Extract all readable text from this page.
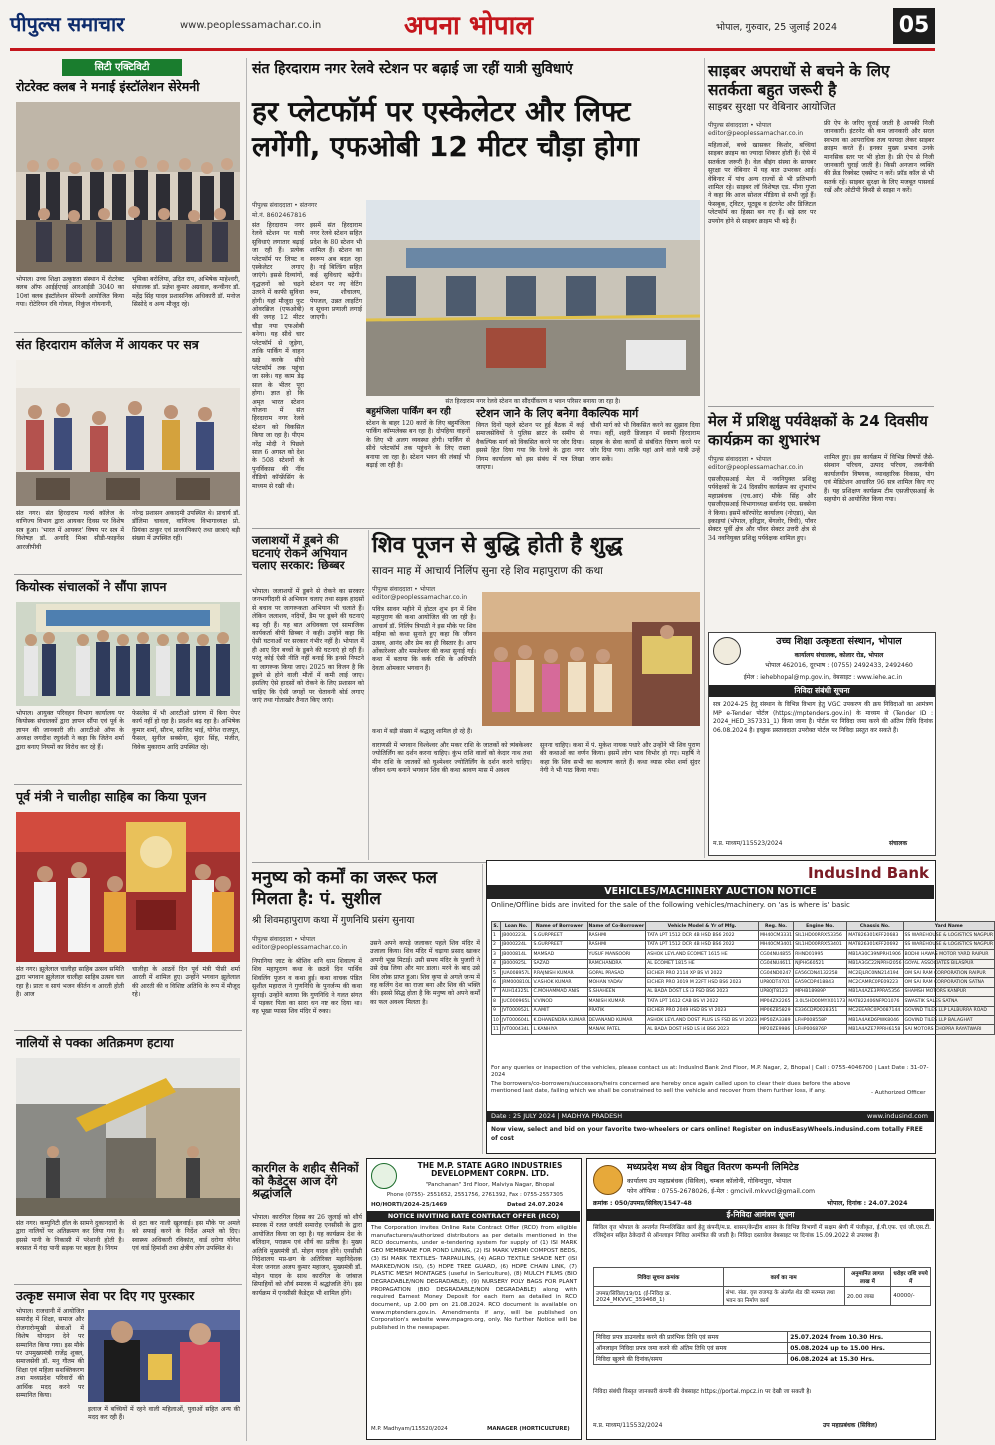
पीपुल्स समाचार	www.peoplessamachar.co.in	अपना भोपाल	भोपाल, गुरुवार, 25 जुलाई 2024	05
सिटी एक्टिविटी
रोटरेक्ट क्लब ने मनाई इंस्टॉलेशन सेरेमनी
भोपाल। उच्च शिक्षा उत्कृष्टता संस्थान में रोटरेक्ट क्लब ऑफ आईईएचई आरआईडी 3040 का 10वां क्लब इंस्टॉलेशन सेरेमनी आयोजित किया गया। रोटेरियन रवि गोयल, निकुंज गोयनानी,
भूमिका बरोलिया, उदित राय, अभिषेक माहेश्वरी, संचालक डॉ. प्रज्ञेश कुमार अग्रवाल, कन्वीनर डॉ. महेंद्र सिंह यादव प्रशासनिक अधिकारी डॉ. मनोज सिसोदे व अन्य मौजूद रहे।
संत हिरदाराम कॉलेज में आयकर पर सत्र
संत नगर। संत हिरदाराम गर्ल्स कॉलेज के वाणिज्य विभाग द्वारा आयकर दिवस पर विशेष सत्र हुआ। 'भारत में आयकर' विषय पर सत्र में विशेषज्ञ डॉ. अनादि मिश्रा सीडी-फाइनेंस आरजीपीवी
नरेन्द्र प्रशासन अकादमी उपस्थित थे। प्राचार्य डॉ. डॉलिमा चावला, वाणिज्य विभागाध्यक्ष प्रो. प्रियंका ठाकुर एवं प्राध्यापिकाएं तथा छात्राएं बड़ी संख्या में उपस्थित रहीं।
कियोस्क संचालकों ने सौंपा ज्ञापन
भोपाल। आयुक्त परिवहन विभाग कार्यालय पर कियोस्क संचालकों द्वारा ज्ञापन सौंपा एवं पूर्व के ज्ञापन की जानकारी ली। आरटीओ ऑफ के अध्यक्ष जगदीश रघुवंशी ने कहा कि जितेन शर्मा द्वारा बनाए नियमों का विरोध कर रहे हैं।
फेसलेस में भी आरटीओ प्रांगण में बिना पेपर कार्य नहीं हो रहा है। प्रदर्शन बढ़ रहा है। अभिषेक कुमार शर्मा, सौरभ, साजिद भाई, योगेश राजपूत, फैसल, सुनील सक्सेना, सुंदर सिंह, मंजीत, विवेक मुकाराम आदि उपस्थित रहे।
पूर्व मंत्री ने चालीहा साहिब का किया पूजन
संत नगर। झूलेलाल चालीहा साहिब उत्सव समिति द्वारा भगवान झूलेलाल चालीहा साहिब उत्सव चल रहा है। प्रातः व सायं भजन कीर्तन व आरती होती है। आज
चालीहा के आठवें दिन पूर्व मंत्री पीसी शर्मा आरती में शामिल हुए। उन्होंने भगवान झूलेलाल की आरती की व विशिष्ट अतिथि के रूप में मौजूद रहे।
नालियों से पक्का अतिक्रमण हटाया
संत नगर। कम्युनिटी हॉल के सामने दुकानदारों के द्वारा नालियों पर अतिक्रमण कर लिया गया है। इससे पानी के निकासी में परेशानी होती है। बरसात में गंदा पानी सड़क पर बहता है। निगम
से हटा कर नाली खुलवाई। इस मौके पर अमले को सफाई करने के निर्देश अमले को दिए। स्वास्थ्य अधिकारी रविकांत, वार्ड दरोगा योगेश एवं वार्ड हिमांशी तथा क्षेत्रीय लोग उपस्थित थे।
उत्कृष्ट समाज सेवा पर दिए गए पुरस्कार
भोपाल। राजधानी में आयोजित समारोह में शिक्षा, समाज और रोजगारोन्मुखी सेवाओं में विशेष योगदान देने पर सम्मानित किया गया। इस मौके पर उपमुख्यमंत्री राजेंद्र शुक्ल, समाजसेवी डॉ. मनु गौतम की शिक्षा एवं महिला सशक्तिकरण तथा मध्यप्रदेश परिवारों की आर्थिक मदद करने पर सम्मानित किया।
इलाज में बच्चियों में रहने वाली महिलाओं, युवाओं सहित अन्य की मदद कर रही हैं।
संत हिरदाराम नगर रेलवे स्टेशन पर बढ़ाई जा रहीं यात्री सुविधाएं
हर प्लेटफॉर्म पर एस्केलेटर और लिफ्ट लगेंगी, एफओबी 12 मीटर चौड़ा होगा
पीपुल्स संवाददाता • संतनगर
मो.नं. 8602467816
संत हिरदाराम नगर रेलवे स्टेशन पर यात्री सुविधाएं लगातार बढ़ाई जा रही हैं। प्रत्येक प्लेटफॉर्म पर लिफ्ट व एस्केलेटर लगाए जाएंगे। इससे दिव्यांगों, वृद्धजनों को चढ़ने उतरने में काफी सुविधा होगी। यहां मौजूदा फुट ओवरब्रिज (एफओबी) की जगह 12 मीटर चौड़ा नया एफओबी बनेगा। यह सीधे चार प्लेटफॉर्म से जुड़ेगा, ताकि पार्किंग में वाहन खड़े करके सीधे प्लेटफॉर्म तक पहुंचा जा सके। यह काम डेढ़ साल के भीतर पूरा होगा। ज्ञात हो कि अमृत भारत स्टेशन योजना में संत हिरदाराम नगर रेलवे स्टेशन को विकसित किया जा रहा है। पीएम नरेंद्र मोदी ने पिछले साल 6 अगस्त को देश के 508 स्टेशनों के पुनर्विकास की नींव वीडियो कॉन्फ्रेंसिंग के माध्यम से रखी थी।
इसमें संत हिरदाराम नगर रेलवे स्टेशन सहित प्रदेश के 80 स्टेशन भी शामिल हैं। स्टेशन का स्वरूप अब बदल रहा है। नई बिल्डिंग सहित कई सुविधाएं बढ़ेंगी। स्टेशन पर नए वेटिंग रूम, शौचालय, पेयजल, उन्नत लाइटिंग व सूचना प्रणाली लगाई जाएगी।
संत हिरदाराम नगर रेलवे स्टेशन का सौंदर्यीकरण व भवन परिसर बनाया जा रहा है।
बहुमंजिला पार्किंग बन रही
स्टेशन के बाहर 120 कारों के लिए बहुमंजिला पार्किंग कॉम्पलेक्स बन रहा है। दोपहिया वाहनों के लिए भी अलग व्यवस्था होगी। पार्किंग से सीधे प्लेटफॉर्म तक पहुंचने के लिए रास्ता बनाया जा रहा है। स्टेशन भवन की लंबाई भी बढ़ाई जा रही है।
स्टेशन जाने के लिए बनेगा वैकल्पिक मार्ग
विगत दिनों पहले स्टेशन पर हुई बैठक में कई समाजसेवियों ने पुलिस ब्राटर के समीप से वैकल्पिक मार्ग को विकसित करने पर जोर दिया। इससे हित दिया गया कि रेलवे के द्वारा नगर निगम कार्यालय को इस संबंध में पत्र लिखा जाएगा।
चौथी मार्ग को भी विकसित करने का सुझाव दिया गया। वहीं, शहरी डिजाइन में स्वामी हिरदाराम साहब के सेवा कार्यों से संबंधित चित्रण करने पर जोर दिया गया। ताकि यहां आने वाले यात्री उन्हें जान सकें।
जलाशयों में डूबने की घटनाएं रोकने अभियान चलाए सरकार: छिब्बर
भोपाल। जलाशयों में डूबने से रोकने का सरकार जनभागीदारी से अभियान चलाए तथा सड़क हादसों से बचाव पर जागरूकता अभियान भी चलाते हैं। लेकिन जलाशय, नदियों, डैम पर डूबने की घटनाएं बढ़ रही हैं। यह बात अधिवक्ता एवं सामाजिक कार्यकर्ता बीपी छिब्बर ने कही। उन्होंने कहा कि ऐसी घटनाओं पर सरकार गंभीर नहीं है। भोपाल में ही आए दिन बच्चों के डूबने की घटनाएं हो रही हैं। परंतु कोई ऐसी नीति नहीं बनाई कि इनसे निपटने या जागरूक किया जाए। 2025 का विजन है कि डूबने से होने वाली मौतों में कमी लाई जाए। इसलिए ऐसे हादसों को रोकने के लिए प्रशासन को चाहिए कि ऐसी जगहों पर चेतावनी बोर्ड लगाए जाएं तथा गोताखोर तैनात किए जाएं।
शिव पूजन से बुद्धि होती है शुद्ध
सावन माह में आचार्य निलिंप सुना रहे शिव महापुराण की कथा
पीपुल्स संवाददाता • भोपाल
editor@peoplessamachar.co.in
पवित्र सावन महीने में होटल शुभ इन में शिव महापुराण की कथा आयोजित की जा रही है। आचार्य डॉ. निलिंप त्रिपाठी ने इस मौके पर शिव महिमा को कथा सुनाते हुए कहा कि जीवन उत्सव, आनंद और प्रेम का ही विस्तार है। आप ओंकारेश्वर और ममलेश्वर की कथा सुनाई गई। कथा में बताया कि कर्क राशि के अधिपति देवता ओमकार भगवान हैं।
कथा में बड़ी संख्या में श्रद्धालु शामिल हो रहे हैं।
वाराणसी में भगवान विश्वेश्वर और मकर राशि के जातकों को त्र्यंबकेश्वर ज्योतिर्लिंग का दर्शन करना चाहिए। कुंभ राशि वालों को केदार नाथ तथा मीन राशि के जातकों को घुश्मेश्वर ज्योतिर्लिंग के दर्शन करने चाहिए। जीवन धन्य बनाने भगवान शिव की कथा श्रावण मास में अवश्य
सुनना चाहिए। कथा में पं. मुकेश नायक पधारे और उन्होंने भी शिव पुराण की कथाओं का वर्णन किया। इसमें लोग भाव विभोर हो गए। महर्षि ने कहा कि शिव सभी का कल्याण करते हैं। कथा व्यास रमेश शर्मा सुंदर नेगी ने भी पाठ किया गया।
मनुष्य को कर्मों का जरूर फल मिलता है: पं. सुशील
श्री शिवमहापुराण कथा में गुणनिधि प्रसंग सुनाया
पीपुल्स संवाददाता • भोपाल
editor@peoplessamachar.co.in
निपानिया जाट के श्रीशिव शनि धाम शिवाल्य में शिव महापुराण कथा के छठवें दिन पार्थिव शिवलिंग पूजन व कथा हुई। कथा वाचक पंडित सुशील महाराज ने गुणनिधि के पुनर्जन्म की कथा सुनाई। उन्होंने बताया कि गुणनिधि ने गलत संगत में पड़कर पिता का सारा धन नष्ट कर दिया था। वह भूखा प्यासा शिव मंदिर में रुका।
उसने अपने कपड़े जलाकर पहले शिव मंदिर में उजाला किया। शिव मंदिर में चढ़ाया प्रसाद खाकर अपनी भूख मिटाई। उसी समय मंदिर के पुजारी ने उसे देख लिया और मार डाला। मरने के बाद उसे शिव लोक प्राप्त हुआ। शिव कृपा से अगले जन्म में वह कलिंग देश का राजा बना और शिव की भक्ति की। इससे सिद्ध होता है कि मनुष्य को अपने कर्मों का फल अवश्य मिलता है।
कारगिल के शहीद सैनिकों को कैडेट्स आज देंगे श्रद्धांजलि
भोपाल। कारगिल दिवस का 26 जुलाई को शौर्य स्मारक में रजत जयंती समारोह एनसीसी के द्वारा आयोजित किया जा रहा है। यह कार्यक्रम देश के बलिदान, पराक्रम एवं शौर्य का प्रतीक है। मुख्य अतिथि मुख्यमंत्री डॉ. मोहन यादव होंगे। एनसीसी निदेशालय मप्र-छग के अतिरिक्त महानिदेशक मेजर जनरल अजय कुमार महाजन, मुख्यमंत्री डॉ. मोहन यादव के साथ कारगिल के जांबाज सिपाहियों को शौर्य स्मारक में श्रद्धांजलि देंगे। इस कार्यक्रम में एनसीसी कैडेट्स भी शामिल होंगे।
THE M.P. STATE AGRO INDUSTRIES DEVELOPMENT CORPN. LTD.
"Panchanan" 3rd Floor, Malviya Nagar, Bhopal
Phone (0755)- 2551652, 2551756, 2761392, Fax : 0755-2557305
HO/HORTI/2024-25/1469	Dated 24.07.2024
NOTICE INVITING RATE CONTRACT OFFER (RCO)
The Corporation invites Online Rate Contract Offer (RCO) from eligible manufacturers/authorized distributors as per details mentioned in the RCO documents, under e-tendering system for supply of (1) ISI MARK GEO MEMBRANE FOR POND LINING, (2) ISI MARK VERMI COMPOST BEDS, (3) ISI MARK TEXTILES- TARPAULINS, (4) AGRO TEXTILE SHADE NET (ISI MARKED/NON ISI), (5) HDPE TREE GUARD, (6) HDPE CHAIN LINK, (7) PLASTIC MESH MONTAGES (useful in Sericulture), (8) MULCH FILMS (BIO DEGRADABLE/NON DEGRADABLE), (9) NURSERY POLY BAGS FOR PLANT PROPAGATION (BIO DEGRADABLE/NON DEGRADABLE) along with required Earnest Money Deposit for each item as detailed in RCO document, up 2.00 pm on 21.08.2024. RCO document is available on www.mptenders.gov.in. Amendments if any, will be published on Corporation's website www.mpagro.org, only. No further Notice will be published in the newspaper.
M.P. Madhyam/115520/2024	MANAGER (HORTICULTURE)
साइबर अपराधों से बचने के लिए सतर्कता बहुत जरूरी है
साइबर सुरक्षा पर वेबिनार आयोजित
पीपुल्स संवाददाता • भोपाल
editor@peoplessamachar.co.in
महिलाओं, बच्चे खासकर किशोर, बच्चियां साइबर क्राइम का ज्यादा शिकार होती हैं। ऐसे में सतर्कता जरूरी है। वेल बीइंग संस्था के सायबर सुरक्षा पर वेबिनार में यह बात उभरकर आई। वेबिनार में पांच अन्य राज्यों से भी प्रतिभागी शामिल रहे। साइबर लॉ विशेषज्ञ एड. मीना गुप्ता ने कहा कि आज सोशल मीडिया से सभी जुड़े हैं। फेसबुक, ट्विटर, यूट्यूब व इंटरनेट और डिजिटल प्लेटफॉर्म का हिस्सा बन गए हैं। बड़े स्तर पर उपयोग होने से साइबर क्राइम भी बढ़े हैं।
फ्री ऐप के जरिए चुराई जाती है आपकी निजी जानकारी। इंटरनेट की कम जानकारी और सरल स्वभाव का आपराधिक तत्व फायदा लेकर साइबर क्राइम करते हैं। इनका मुख्य प्रभाव उनके मानसिक स्तर पर भी होता है। फ्री ऐप से निजी जानकारी चुराई जाती है। किसी अनजान व्यक्ति की फ्रेंड रिक्वेस्ट एक्सेप्ट न करें। फ्रॉड कॉल से भी सतर्क रहें। साइबर सुरक्षा के लिए मजबूत पासवर्ड रखें और ओटीपी किसी से साझा न करें।
मेल में प्रशिक्षु पर्यवेक्षकों के 24 दिवसीय कार्यक्रम का शुभारंभ
पीपुल्स संवाददाता • भोपाल
editor@peoplessamachar.co.in
एसजीएसआई मेल में नवनियुक्त प्रशिक्षु पर्यवेक्षकों के 24 दिवसीय कार्यक्रम का शुभारंभ महाप्रबंधक (एच.आर) मौके सिंह और एसजीएसआई विभागाध्यक्ष सर्वानंद एस. सक्सेना ने किया। इसमें कॉरपोरेट कार्यालय (नोएडा), भेल इकाइयां (भोपाल, हरिद्वार, बेंगलोर, त्रिची), पॉवर सेक्टर पूर्वी क्षेत्र और पॉवर सेक्टर उत्तरी क्षेत्र से 34 नवनियुक्त प्रशिक्षु पर्यवेक्षक शामिल हुए।
शामिल हुए। इस कार्यक्रम में विभिन्न विषयों जैसे-संस्थान परिचय, उत्पाद परिचय, तकनीकी कार्यालयीन विषयक, व्यावहारिक विकास, योग एवं मेडिटेशन आधारित 96 सत्र शामिल किए गए हैं। यह प्रशिक्षण कार्यक्रम टीम एसजीएसआई के सहयोग से आयोजित किया गया।
उच्च शिक्षा उत्कृष्टता संस्थान, भोपाल
कार्यालय संचालक, कोलार रोड, भोपाल
भोपाल 462016, दूरभाष : (0755) 2492433, 2492460
ईमेल : iehebhopal@mp.gov.in, वेबसाइट : www.iehe.ac.in
निविदा संबंधी सूचना
सत्र 2024-25 हेतु संस्थान के विभिन्न विभाग हेतु VGC उपकरण की क्रय निविदाओं का आमंत्रण MP e-Tender पोर्टल (https://mptenders.gov.in) के माध्यम से (Tender ID : 2024_HED_357331_1) किया जाना है। पोर्टल पर निविदा जमा करने की अंतिम तिथि दिनांक 06.08.2024 है। इच्छुक प्रस्तावदाता उपरोक्त पोर्टल पर निविदा प्रस्तुत कर सकते हैं।
म.प्र. माध्यम/115523/2024	संचालक
IndusInd Bank
VEHICLES/MACHINERY AUCTION NOTICE
Online/Offline bids are invited for the sale of the following vehicles/machinery. on 'as is where is' basic
S.	Loan No.	Name of Borrower	Name of Co-Borrower	Vehicle Model & Yr of Mfg.	Reg. No.	Engine No.	Chassis No.	Yard Name
1	JB000223L	S.GURPREET	RASHMI	TATA LPT 1512 DCR 4B HSD BS6 2022	MH40CM3331	SIL1HD00RRX53356	MAT826301KFF20683	SS WAREHOUSE & LOGISTICS NAGPUR
2	JB000224L	S.GURPREET	RASHMI	TATA LPT 1512 DCR 4B HSD BS6 2022	MH40CM3401	SIL1HD00RRX53401	MAT826301KFF20692	SS WAREHOUSE & LOGISTICS NAGPUR
3	JB000814L	MAMSAD	YUSUF MANSOORI	ASHOK LEYLAND ECOMET 1615 HE	CG04NU4855	RHND01995	MB1A30C39NPRH1906	BODHI HAWAS MOTOR YARD RAIPUR
4	JB000925L	SAZAD	RAMCHANDRA	AL ECOMET 1815 HE	CG04NU4611	NJPHG60521	MB1A3GC22NPRH2056	GOYAL ASSOCIATES BILASPUR
5	JUA008957L	P.RAJNISH KUMAR	GOPAL PRASAD	EICHER PRO 2114 XP BS VI 2022	CG04ND0247	EA56CDN4132258	MC2EJLRC0NN214194	OM SAI RAM CORPORATION RAIPUR
6	JRM000810L	V.ASHOK KUMAR	MOHAN YADAV	EICHER PRO 3019 M 22FT HSD BS6 2023	UP80DT4701	EA59CDP418843	MC2CAMRC0PE09223	OM SAI RAM CORPORATION SATNA
7	AUH14325L	C.MOHAMMAD ANIS	S.SHAHEEN	AL BADA DOST LS i3 FSD BS6 2023	UP80JT8123	MPHB18989P	MB1A4AZE3PPRA5356	SHAMSH MOTORS KANPUR
8	JUC000965L	V.VINOD	MANISH KUMAR	TATA LPT 1612 CAB BS VI 2022	MP04ZX2265	3.0L5HD00MYX01173	MAT822406NFPD1076	SWASTIK SALES SATNA
9	JVT000952L	A.AMIT	PRATIK	EICHER PRO 2049 HSD BS VI 2023	MP06ZB5829	E336CDPD028351	MC2EEARC0PO087144	GOVIND TILES LLP LALBURRA ROAD
10	JVT000604L	K.DHANENDRA KUMAR	DEVANAND KUMAR	ASHOK LEYLAND DOST PLUS LS FSD BS VI 2023	MP50ZA3389	LFHP008558P	MB1A4AKD6PWK8046	GOVIND TILES LLP BALAGHAT
11	JVT000434L	L.KANHIYA	MANAK PATEL	AL BADA DOST HSD LS i4 BS6 2023	MP20ZE9986	LFHP006876P	MB1A4AZE7PPRH6158	SAI MOTORS CHOPRA RAYATWARI
For any queries or inspection of the vehicles, please contact us at: IndusInd Bank 2nd Floor, M.P. Nagar, 2, Bhopal | Call : 0755-4046700 | Last Date : 31-07-2024
The borrowers/co-borrowers/successors/heirs concerned are hereby once again called upon to clear their dues before the above mentioned last date, failing which we shall be constrained to sell the vehicle and recover from them further loss, if any.	- Authorized Officer
Date : 25 JULY 2024 | MADHYA PRADESH	www.indusind.com
Now view, select and bid on your favorite two-wheelers or cars online! Register on indusEasyWheels.indusind.com totally FREE of cost
मध्यप्रदेश मध्य क्षेत्र विद्युत वितरण कम्पनी लिमिटेड
कार्यालय उप महाप्रबंधक (सिविल), चम्बल कॉलोनी, गोविन्दपुरा, भोपाल
फोन ऑफिस : 0755-2678026, ई-मेल : gmcivil.mkvvcl@gmail.com
क्रमांक : 050/उपमप्र/सिविल/1547-48	भोपाल, दिनांक : 24.07.2024
ई-निविदा आमंत्रण सूचना
सिविल वृत्त भोपाल के अन्तर्गत निम्नलिखित कार्य हेतु कंपनी/म.प्र. शासन/केन्द्रीय शासन के विभिन्न विभागों में सक्षम श्रेणी में पंजीकृत, ई.पी.एफ. एवं जी.एस.टी. रजिस्ट्रेशन सहित ठेकेदारों से ऑनलाइन निविदा आमंत्रित की जाती है। निविदा दस्तावेज वेबसाइट पर दिनांक 15.09.2022 से उपलब्ध हैं।
निविदा सूचना क्रमांक	कार्य का नाम	अनुमानित लागत लाख में	धरोहर राशि रुपये में
उपमप्र/सिविल/19/01 (ई-निविदा क्र. 2024_MKVVC_359468_1)	संभा. संप्रा. वृत्त राजगढ़ के अंतर्गत शेड की मरम्मत तथा भवन का निर्माण कार्य	20.00 लाख	40000/-
निविदा प्रपत्र डाउनलोड करने की प्रारंभिक तिथि एवं समय	25.07.2024 from 10.30 Hrs.
ऑनलाइन निविदा प्रपत्र जमा करने की अंतिम तिथि एवं समय	05.08.2024 up to 15.00 Hrs.
निविदा खुलने की दिनांक/समय	06.08.2024 at 15.30 Hrs.
निविदा संबंधी विस्तृत जानकारी कंपनी की वेबसाइट https://portal.mpcz.in पर देखी जा सकती है।
म.प्र. माध्यम/115532/2024	उप महाप्रबंधक (सिविल)
